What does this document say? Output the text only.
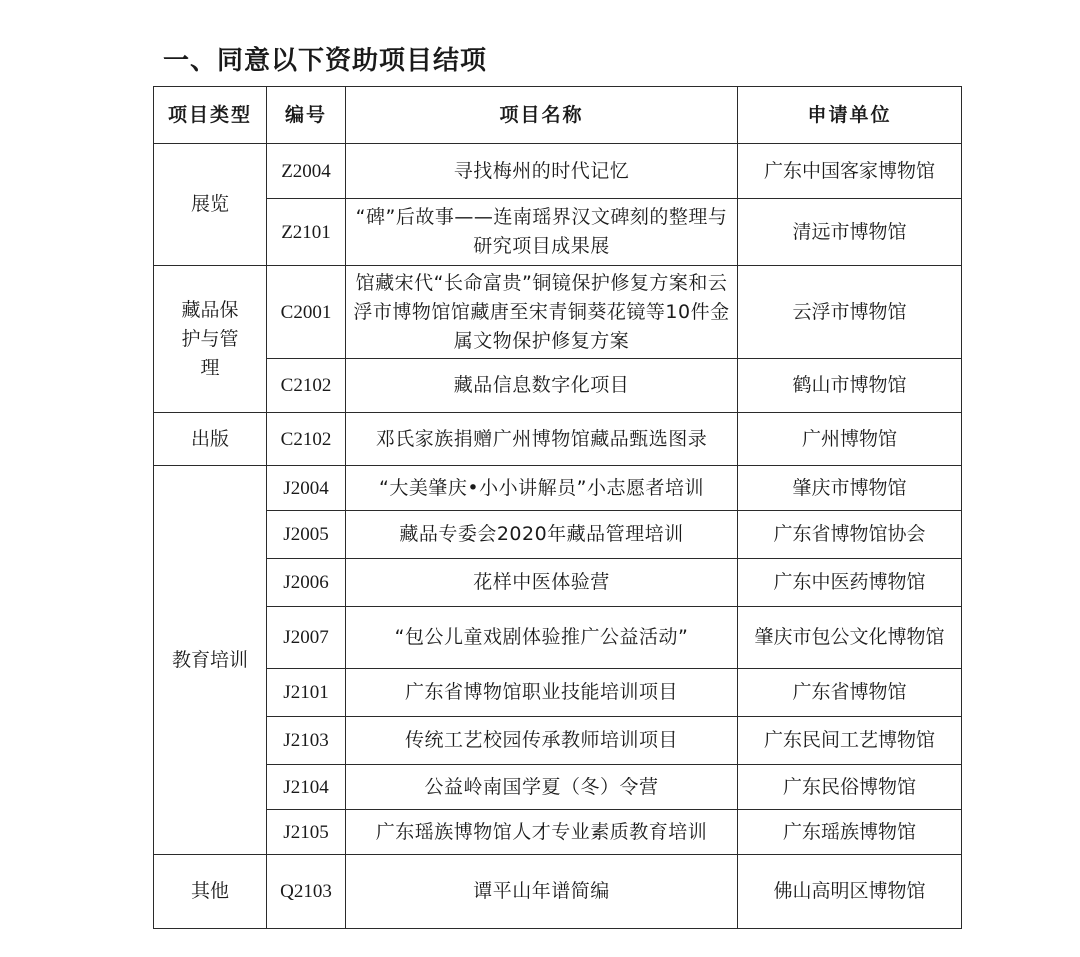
一、同意以下资助项目结项
项目类型	编号	项目名称	申请单位
展览	Z2004	寻找梅州的时代记忆	广东中国客家博物馆
	Z2101	“碑”后故事——连南瑶界汉文碑刻的整理与研究项目成果展	清远市博物馆
藏品保护与管理	C2001	馆藏宋代“长命富贵”铜镜保护修复方案和云浮市博物馆馆藏唐至宋青铜葵花镜等10件金属文物保护修复方案	云浮市博物馆
	C2102	藏品信息数字化项目	鹤山市博物馆
出版	C2102	邓氏家族捐赠广州博物馆藏品甄选图录	广州博物馆
教育培训	J2004	“大美肇庆•小小讲解员”小志愿者培训	肇庆市博物馆
	J2005	藏品专委会2020年藏品管理培训	广东省博物馆协会
	J2006	花样中医体验营	广东中医药博物馆
	J2007	“包公儿童戏剧体验推广公益活动”	肇庆市包公文化博物馆
	J2101	广东省博物馆职业技能培训项目	广东省博物馆
	J2103	传统工艺校园传承教师培训项目	广东民间工艺博物馆
	J2104	公益岭南国学夏（冬）令营	广东民俗博物馆
	J2105	广东瑶族博物馆人才专业素质教育培训	广东瑶族博物馆
其他	Q2103	谭平山年谱简编	佛山高明区博物馆
